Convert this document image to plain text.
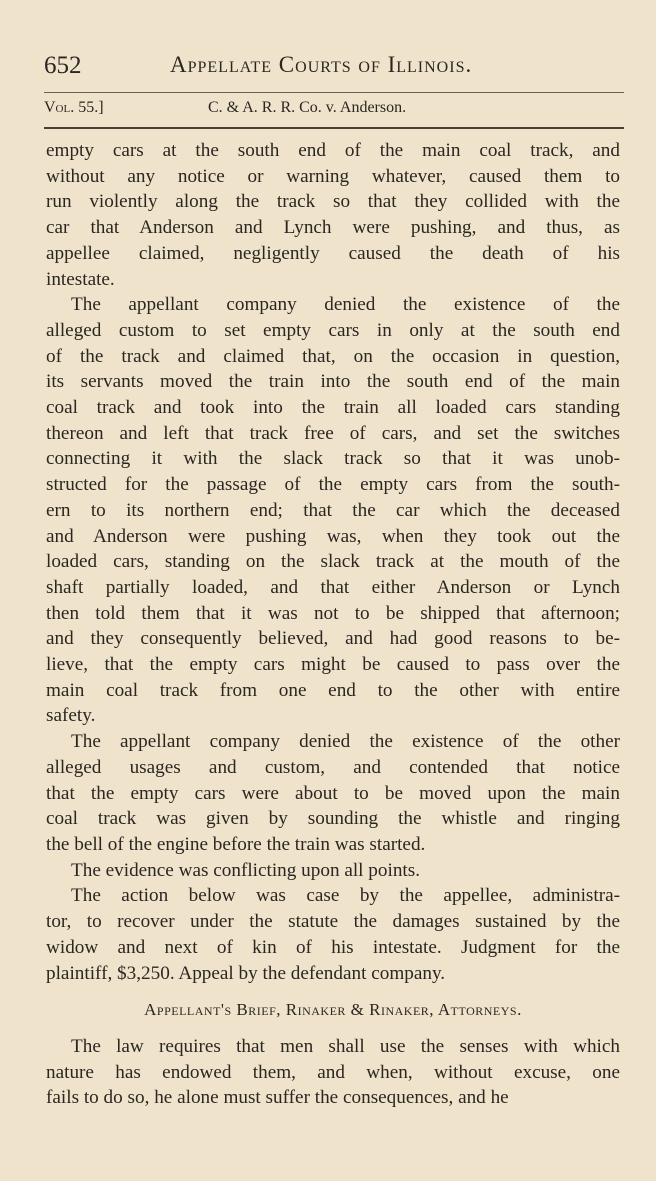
652	Appellate Courts of Illinois.
Vol. 55.]	C. & A. R. R. Co. v. Anderson.
empty cars at the south end of the main coal track, and
without any notice or warning whatever, caused them to
run violently along the track so that they collided with the
car that Anderson and Lynch were pushing, and thus, as
appellee claimed, negligently caused the death of his
intestate.
The appellant company denied the existence of the
alleged custom to set empty cars in only at the south end
of the track and claimed that, on the occasion in question,
its servants moved the train into the south end of the main
coal track and took into the train all loaded cars standing
thereon and left that track free of cars, and set the switches
connecting it with the slack track so that it was unob-
structed for the passage of the empty cars from the south-
ern to its northern end; that the car which the deceased
and Anderson were pushing was, when they took out the
loaded cars, standing on the slack track at the mouth of the
shaft partially loaded, and that either Anderson or Lynch
then told them that it was not to be shipped that afternoon;
and they consequently believed, and had good reasons to be-
lieve, that the empty cars might be caused to pass over the
main coal track from one end to the other with entire
safety.
The appellant company denied the existence of the other
alleged usages and custom, and contended that notice
that the empty cars were about to be moved upon the main
coal track was given by sounding the whistle and ringing
the bell of the engine before the train was started.
The evidence was conflicting upon all points.
The action below was case by the appellee, administra-
tor, to recover under the statute the damages sustained by the
widow and next of kin of his intestate. Judgment for the
plaintiff, $3,250. Appeal by the defendant company.
Appellant's Brief, Rinaker & Rinaker, Attorneys.
The law requires that men shall use the senses with which
nature has endowed them, and when, without excuse, one
fails to do so, he alone must suffer the consequences, and he
